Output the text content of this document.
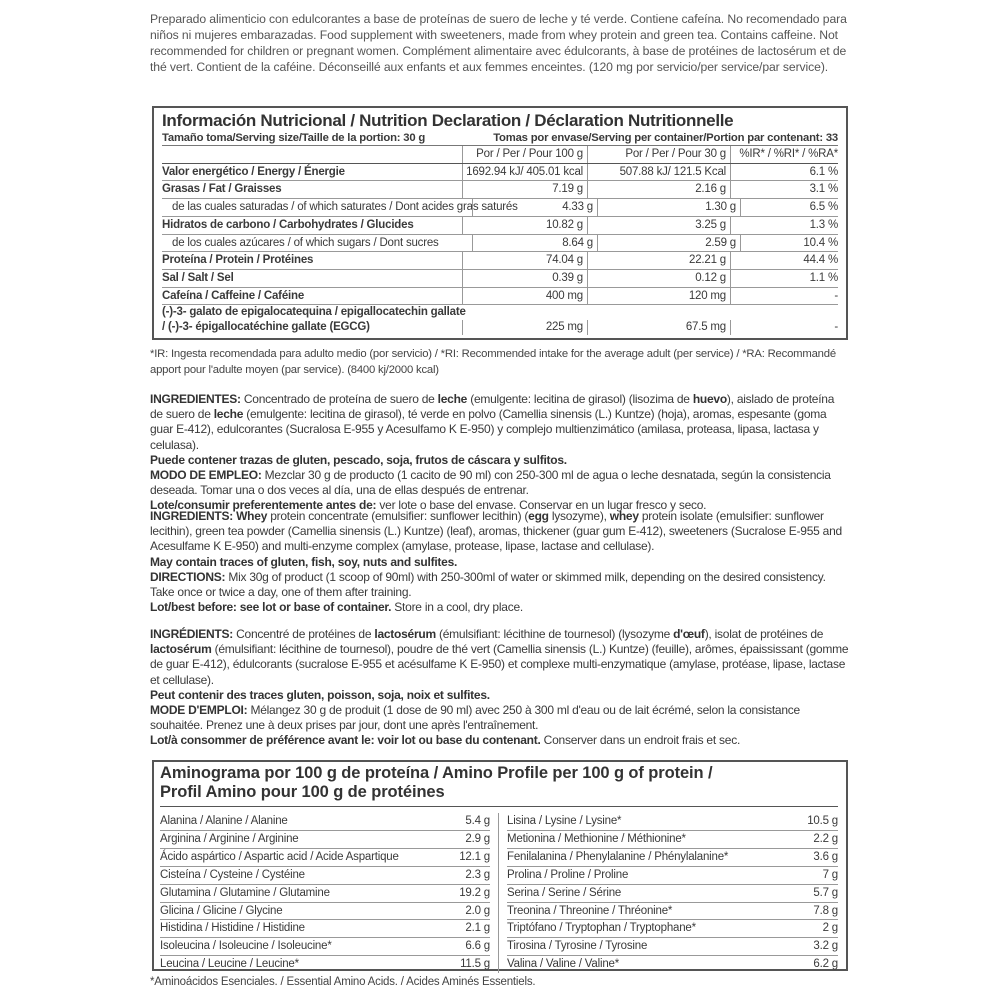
Preparado alimenticio con edulcorantes a base de proteínas de suero de leche y té verde. Contiene cafeína. No recomendado para niños ni mujeres embarazadas. Food supplement with sweeteners, made from whey protein and green tea. Contains caffeine. Not recommended for children or pregnant women. Complément alimentaire avec édulcorants, à base de protéines de lactosérum et de thé vert. Contient de la caféine. Déconseillé aux enfants et aux femmes enceintes. (120 mg por servicio/per service/par service).
Información Nutricional / Nutrition Declaration / Déclaration Nutritionnelle
Tamaño toma/Serving size/Taille de la portion: 30 g	Tomas por envase/Serving per container/Portion par contenant: 33
Por / Per / Pour 100 g	Por / Per / Pour 30 g	%IR* / %RI* / %RA*
Valor energético / Energy / Énergie	1692.94 kJ/ 405.01 kcal	507.88 kJ/ 121.5 Kcal	6.1 %
Grasas / Fat / Graisses	7.19 g	2.16 g	3.1 %
de las cuales saturadas / of which saturates / Dont acides gras saturés	4.33 g	1.30 g	6.5 %
Hidratos de carbono / Carbohydrates / Glucides	10.82 g	3.25 g	1.3 %
de los cuales azúcares / of which sugars / Dont sucres	8.64 g	2.59 g	10.4 %
Proteína / Protein / Protéines	74.04 g	22.21 g	44.4 %
Sal / Salt / Sel	0.39 g	0.12 g	1.1 %
Cafeína / Caffeine / Caféine	400 mg	120 mg	-
(-)-3- galato de epigalocatequina / epigallocatechin gallate
/ (-)-3- épigallocatéchine gallate (EGCG)	225 mg	67.5 mg	-
*IR: Ingesta recomendada para adulto medio (por servicio) / *RI: Recommended intake for the average adult (per service) / *RA: Recommandé apport pour l'adulte moyen (par service). (8400 kj/2000 kcal)
INGREDIENTES: Concentrado de proteína de suero de leche (emulgente: lecitina de girasol) (lisozima de huevo), aislado de proteína de suero de leche (emulgente: lecitina de girasol), té verde en polvo (Camellia sinensis (L.) Kuntze) (hoja), aromas, espesante (goma guar E-412), edulcorantes (Sucralosa E-955 y Acesulfamo K E-950) y complejo multienzimático (amilasa, proteasa, lipasa, lactasa y celulasa).
Puede contener trazas de gluten, pescado, soja, frutos de cáscara y sulfitos.
MODO DE EMPLEO: Mezclar 30 g de producto (1 cacito de 90 ml) con 250-300 ml de agua o leche desnatada, según la consistencia deseada. Tomar una o dos veces al día, una de ellas después de entrenar.
Lote/consumir preferentemente antes de: ver lote o base del envase. Conservar en un lugar fresco y seco.
INGREDIENTS: Whey protein concentrate (emulsifier: sunflower lecithin) (egg lysozyme), whey protein isolate (emulsifier: sunflower lecithin), green tea powder (Camellia sinensis (L.) Kuntze) (leaf), aromas, thickener (guar gum E-412), sweeteners (Sucralose E-955 and Acesulfame K E-950) and multi-enzyme complex (amylase, protease, lipase, lactase and cellulase).
May contain traces of gluten, fish, soy, nuts and sulfites.
DIRECTIONS: Mix 30g of product (1 scoop of 90ml) with 250-300ml of water or skimmed milk, depending on the desired consistency. Take once or twice a day, one of them after training.
Lot/best before: see lot or base of container. Store in a cool, dry place.
INGRÉDIENTS: Concentré de protéines de lactosérum (émulsifiant: lécithine de tournesol) (lysozyme d'œuf), isolat de protéines de lactosérum (émulsifiant: lécithine de tournesol), poudre de thé vert (Camellia sinensis (L.) Kuntze) (feuille), arômes, épaississant (gomme de guar E-412), édulcorants (sucralose E-955 et acésulfame K E-950) et complexe multi-enzymatique (amylase, protéase, lipase, lactase et cellulase).
Peut contenir des traces gluten, poisson, soja, noix et sulfites.
MODE D'EMPLOI: Mélangez 30 g de produit (1 dose de 90 ml) avec 250 à 300 ml d'eau ou de lait écrémé, selon la consistance souhaitée. Prenez une à deux prises par jour, dont une après l'entraînement.
Lot/à consommer de préférence avant le: voir lot ou base du contenant. Conserver dans un endroit frais et sec.
Aminograma por 100 g de proteína / Amino Profile per 100 g of protein /
Profil Amino pour 100 g de protéines
Alanina / Alanine / Alanine	5.4 g
Arginina / Arginine / Arginine	2.9 g
Ácido aspártico / Aspartic acid / Acide Aspartique	12.1 g
Cisteína / Cysteine / Cystéine	2.3 g
Glutamina / Glutamine / Glutamine	19.2 g
Glicina / Glicine / Glycine	2.0 g
Histidina / Histidine / Histidine	2.1 g
Isoleucina / Isoleucine / Isoleucine*	6.6 g
Leucina / Leucine / Leucine*	11.5 g
Lisina / Lysine / Lysine*	10.5 g
Metionina / Methionine / Méthionine*	2.2 g
Fenilalanina / Phenylalanine / Phénylalanine*	3.6 g
Prolina / Proline / Proline	7 g
Serina / Serine / Sérine	5.7 g
Treonina / Threonine / Thréonine*	7.8 g
Triptófano / Tryptophan / Tryptophane*	2 g
Tirosina / Tyrosine / Tyrosine	3.2 g
Valina / Valine / Valine*	6.2 g
*Aminoácidos Esenciales. / Essential Amino Acids. / Acides Aminés Essentiels.
